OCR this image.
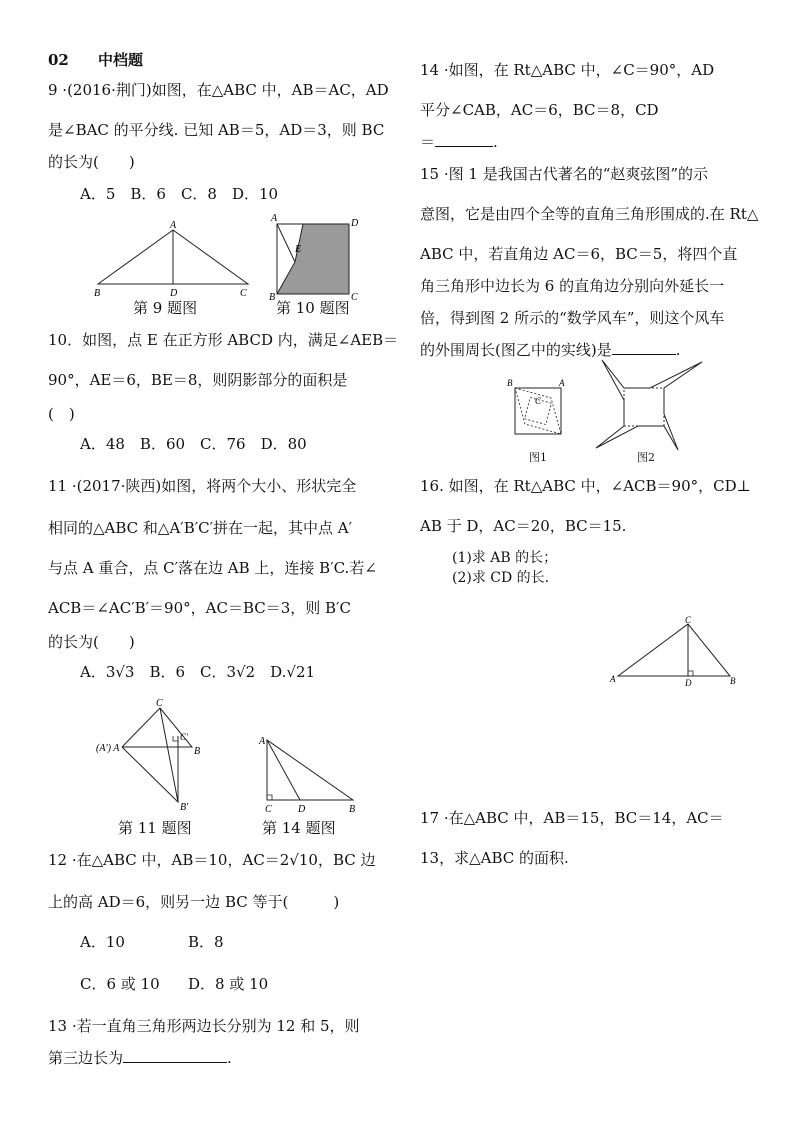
02 中档题
9 ·(2016·荆门)如图，在△ABC 中，AB＝AC，AD
是∠BAC 的平分线. 已知 AB＝5，AD＝3，则 BC
的长为(　　)
A．5　B．6　C．8　D．10
A
B	D	C
第 9 题图
A	D
E
B	C
第 10 题图
10．如图，点 E 在正方形 ABCD 内，满足∠AEB＝
90°，AE＝6，BE＝8，则阴影部分的面积是
(　)
A．48　B．60　C．76　D．80
11 ·(2017·陕西)如图，将两个大小、形状完全
相同的△ABC 和△A′B′C′拼在一起，其中点 A′
与点 A 重合，点 C′落在边 AB 上，连接 B′C.若∠
ACB＝∠AC′B′＝90°，AC＝BC＝3，则 B′C
的长为(　　)
A．3√3　B．6　C．3√2　D.√21
C
(A′) A	B
C′
B′
第 11 题图
A
C	D	B
第 14 题图
12 ·在△ABC 中，AB＝10，AC＝2√10，BC 边
上的高 AD＝6，则另一边 BC 等于(　　　)
A．10	B．8
C．6 或 10 D．8 或 10
13 ·若一直角三角形两边长分别为 12 和 5，则
第三边长为	.
14 ·如图，在 Rt△ABC 中，∠C＝90°，AD
平分∠CAB，AC＝6，BC＝8，CD
＝	.
15 ·图 1 是我国古代著名的“赵爽弦图”的示
意图，它是由四个全等的直角三角形围成的.在 Rt△
ABC 中，若直角边 AC＝6，BC＝5，将四个直
角三角形中边长为 6 的直角边分别向外延长一
倍，得到图 2 所示的“数学风车”，则这个风车
的外围周长(图乙中的实线)是	.
B	A
C
图1	图2
16. 如图，在 Rt△ABC 中，∠ACB＝90°，CD⊥
AB 于 D，AC＝20，BC＝15.
(1)求 AB 的长；
(2)求 CD 的长.
C
A	D	B
17 ·在△ABC 中，AB＝15，BC＝14，AC＝
13，求△ABC 的面积.
